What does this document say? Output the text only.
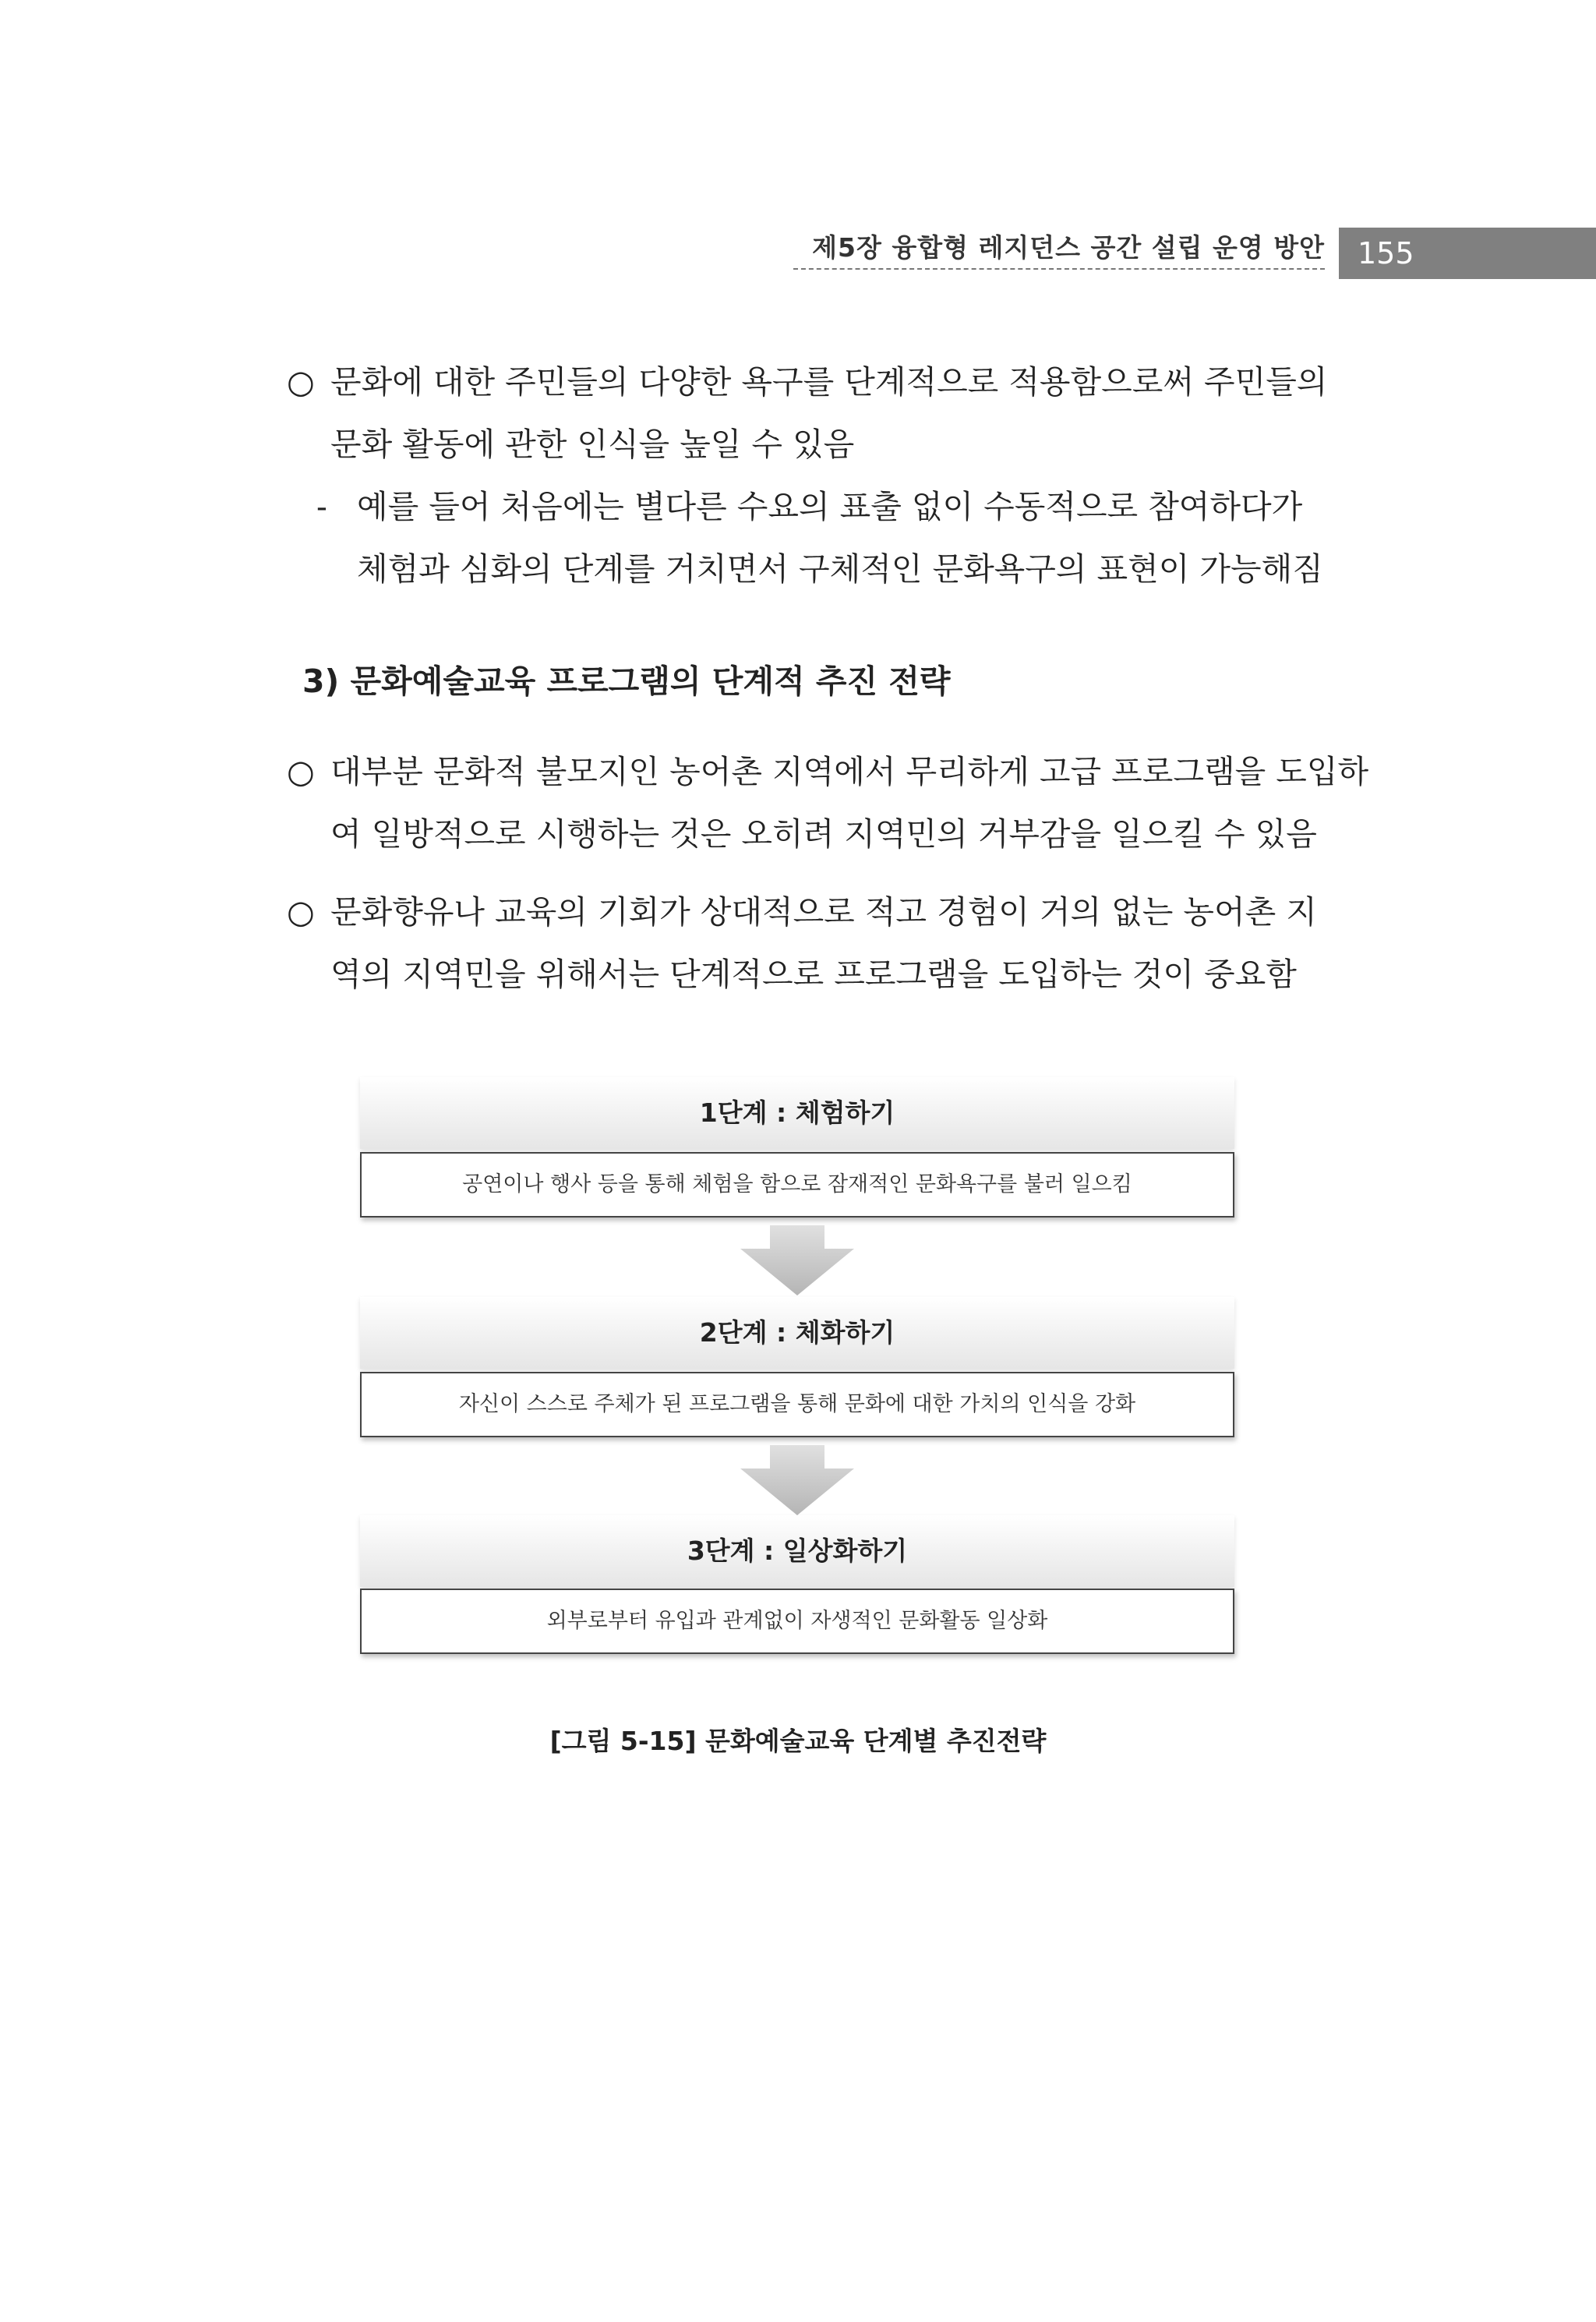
제5장 융합형 레지던스 공간 설립 운영 방안	155
○ 문화에 대한 주민들의 다양한 욕구를 단계적으로 적용함으로써 주민들의
문화 활동에 관한 인식을 높일 수 있음
- 예를 들어 처음에는 별다른 수요의 표출 없이 수동적으로 참여하다가
체험과 심화의 단계를 거치면서 구체적인 문화욕구의 표현이 가능해짐
3) 문화예술교육 프로그램의 단계적 추진 전략
○ 대부분 문화적 불모지인 농어촌 지역에서 무리하게 고급 프로그램을 도입하
여 일방적으로 시행하는 것은 오히려 지역민의 거부감을 일으킬 수 있음
○ 문화향유나 교육의 기회가 상대적으로 적고 경험이 거의 없는 농어촌 지
역의 지역민을 위해서는 단계적으로 프로그램을 도입하는 것이 중요함
1단계 : 체험하기
공연이나 행사 등을 통해 체험을 함으로 잠재적인 문화욕구를 불러 일으킴
2단계 : 체화하기
자신이 스스로 주체가 된 프로그램을 통해 문화에 대한 가치의 인식을 강화
3단계 : 일상화하기
외부로부터 유입과 관계없이 자생적인 문화활동 일상화
[그림 5-15] 문화예술교육 단계별 추진전략
